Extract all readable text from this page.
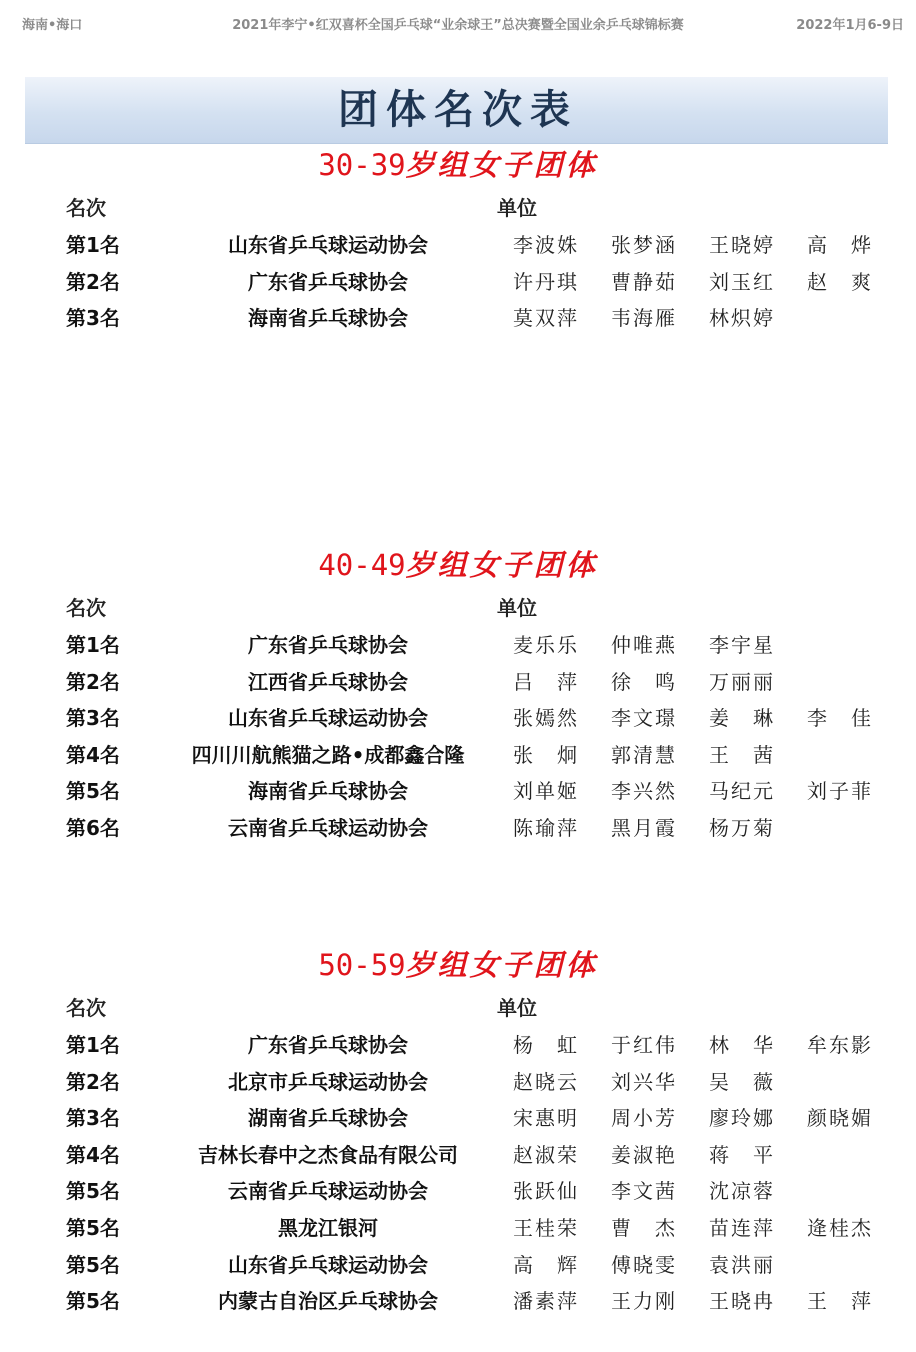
2021年李宁•红双喜杯全国乒乓球“业余球王”总决赛暨全国业余乒乓球锦标赛
海南•海口	2022年1月6-9日
团体名次表
30-39岁组女子团体
名次	单位
第1名	山东省乒乓球运动协会	李波姝 张梦涵 王晓婷 高 烨
第2名	广东省乒乓球协会	许丹琪 曹静茹 刘玉红 赵 爽
第3名	海南省乒乓球协会	莫双萍 韦海雁 林炽婷
40-49岁组女子团体
名次	单位
第1名	广东省乒乓球协会	麦乐乐 仲唯燕 李宇星
第2名	江西省乒乓球协会	吕 萍 徐 鸣 万丽丽
第3名	山东省乒乓球运动协会	张嫣然 李文璟 姜 琳 李 佳
第4名	四川川航熊猫之路•成都鑫合隆	张 炯 郭清慧 王 茜
第5名	海南省乒乓球协会	刘单姬 李兴然 马纪元 刘子菲
第6名	云南省乒乓球运动协会	陈瑜萍 黑月霞 杨万菊
50-59岁组女子团体
名次	单位
第1名	广东省乒乓球协会	杨 虹 于红伟 林 华 牟东影
第2名	北京市乒乓球运动协会	赵晓云 刘兴华 吴 薇
第3名	湖南省乒乓球协会	宋惠明 周小芳 廖玲娜 颜晓媚
第4名	吉林长春中之杰食品有限公司	赵淑荣 姜淑艳 蒋 平
第5名	云南省乒乓球运动协会	张跃仙 李文茜 沈凉蓉
第5名	黑龙江银河	王桂荣 曹 杰 苗连萍 逄桂杰
第5名	山东省乒乓球运动协会	高 辉 傅晓雯 袁洪丽
第5名	内蒙古自治区乒乓球协会	潘素萍 王力刚 王晓冉 王 萍
